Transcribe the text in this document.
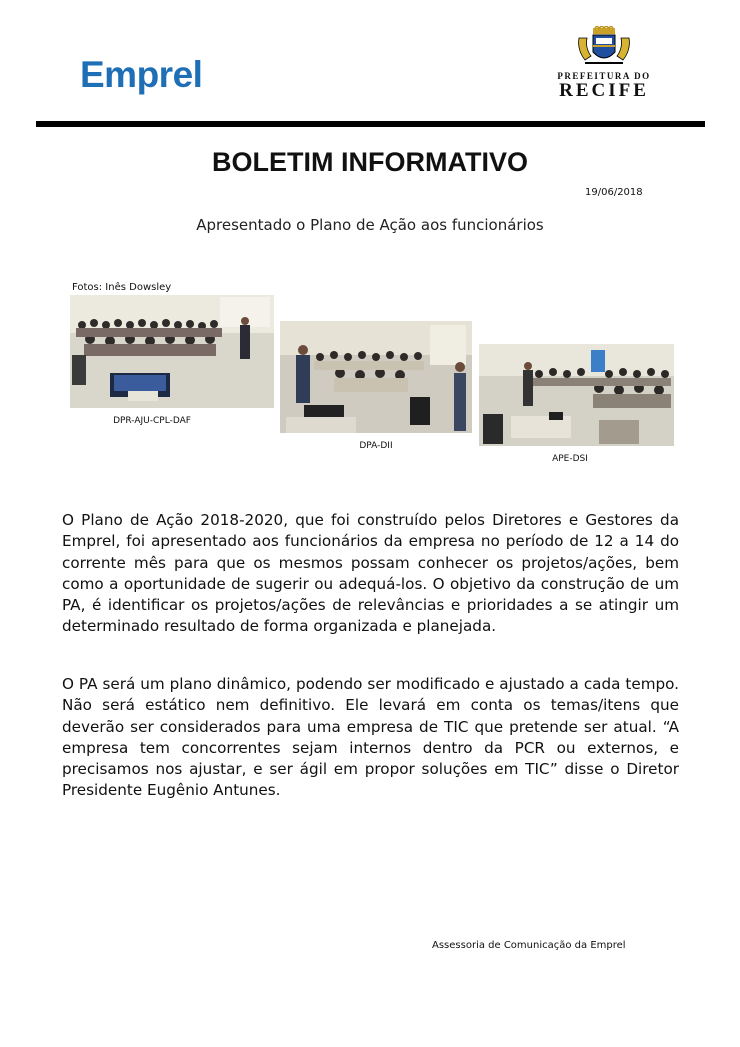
Emprel	PREFEITURA DO
RECIFE
BOLETIM INFORMATIVO
19/06/2018
Apresentado o Plano de Ação aos funcionários
Fotos: Inês Dowsley
DPR-AJU-CPL-DAF
DPA-DII
APE-DSI
O Plano de Ação 2018-2020, que foi construído pelos Diretores e Gestores da Emprel, foi apresentado aos funcionários da empresa no período de 12 a 14 do corrente mês para que os mesmos possam conhecer os projetos/ações, bem como a oportunidade de sugerir ou adequá-los. O objetivo da construção de um PA, é identificar os projetos/ações de relevâncias e prioridades a se atingir um determinado resultado de forma organizada e planejada.
O PA será um plano dinâmico, podendo ser modificado e ajustado a cada tempo. Não será estático nem definitivo. Ele levará em conta os temas/itens que deverão ser considerados para uma empresa de TIC que pretende ser atual. “A empresa tem concorrentes sejam internos dentro da PCR ou externos, e precisamos nos ajustar, e ser ágil em propor soluções em TIC” disse o Diretor Presidente Eugênio Antunes.
Assessoria de Comunicação da Emprel
